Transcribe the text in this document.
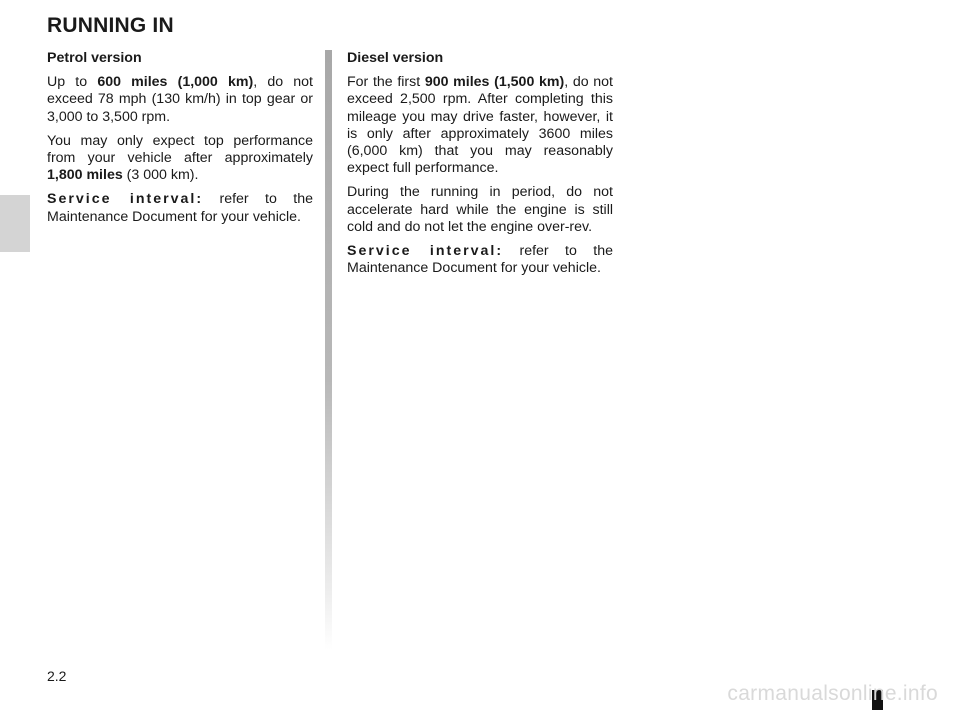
RUNNING IN

Petrol version

Up to 600 miles (1,000 km), do not exceed 78 mph (130 km/h) in top gear or 3,000 to 3,500 rpm.

You may only expect top performance from your vehicle after approximately 1,800 miles (3 000 km).

Service interval: refer to the Maintenance Document for your vehicle.

Diesel version

For the first 900 miles (1,500 km), do not exceed 2,500 rpm. After completing this mileage you may drive faster, however, it is only after approximately 3600 miles (6,000 km) that you may reasonably expect full performance.

During the running in period, do not accelerate hard while the engine is still cold and do not let the engine over-rev.

Service interval: refer to the Maintenance Document for your vehicle.

2.2
carmanualsonline.info
